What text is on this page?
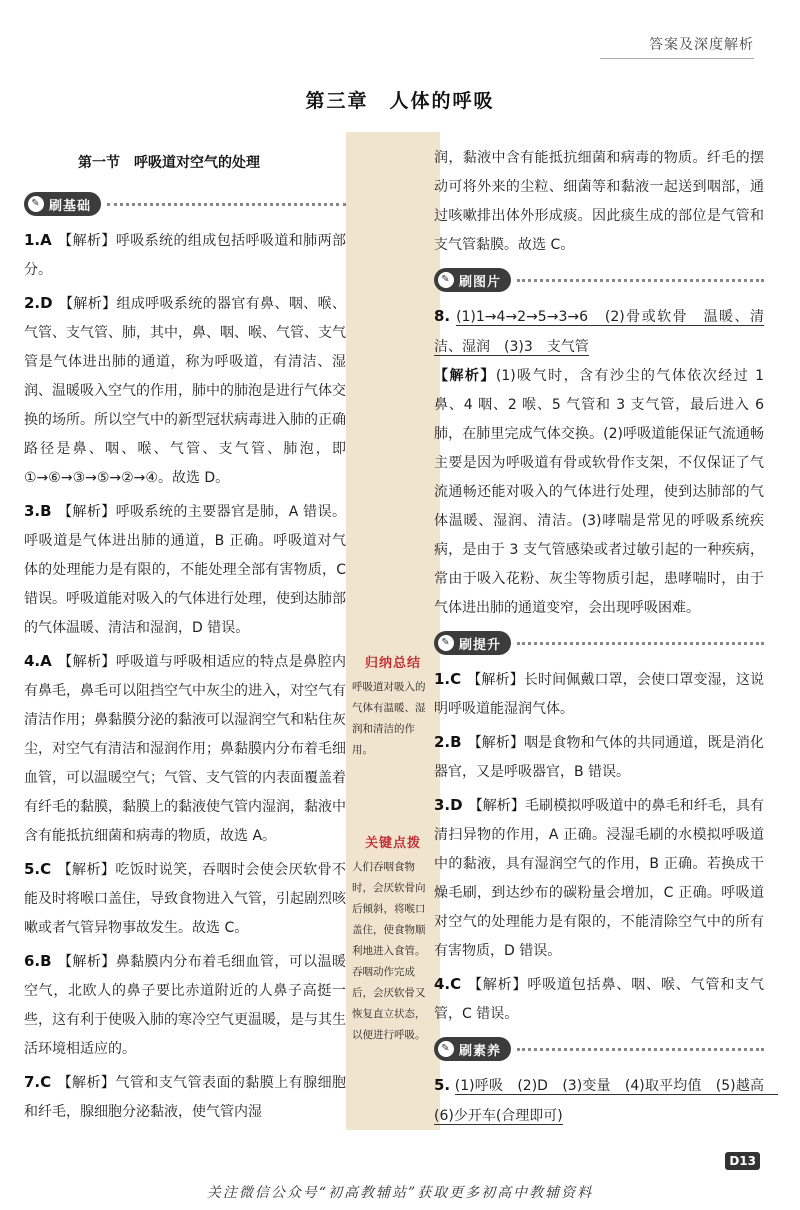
答案及深度解析
第三章　人体的呼吸
归纳总结
呼吸道对吸入的气体有温暖、湿润和清洁的作用。
关键点拨
人们吞咽食物时，会厌软骨向后倾斜，将喉口盖住，使食物顺利地进入食管。吞咽动作完成后，会厌软骨又恢复直立状态，以便进行呼吸。
第一节　呼吸道对空气的处理
✎ 刷基础
1.A 【解析】呼吸系统的组成包括呼吸道和肺两部分。
2.D 【解析】组成呼吸系统的器官有鼻、咽、喉、气管、支气管、肺，其中，鼻、咽、喉、气管、支气管是气体进出肺的通道，称为呼吸道，有清洁、湿润、温暖吸入空气的作用，肺中的肺泡是进行气体交换的场所。所以空气中的新型冠状病毒进入肺的正确路径是鼻、咽、喉、气管、支气管、肺泡，即①→⑥→③→⑤→②→④。故选 D。
3.B 【解析】呼吸系统的主要器官是肺，A 错误。呼吸道是气体进出肺的通道，B 正确。呼吸道对气体的处理能力是有限的，不能处理全部有害物质，C 错误。呼吸道能对吸入的气体进行处理，使到达肺部的气体温暖、清洁和湿润，D 错误。
4.A 【解析】呼吸道与呼吸相适应的特点是鼻腔内有鼻毛，鼻毛可以阻挡空气中灰尘的进入，对空气有清洁作用；鼻黏膜分泌的黏液可以湿润空气和粘住灰尘，对空气有清洁和湿润作用；鼻黏膜内分布着毛细血管，可以温暖空气；气管、支气管的内表面覆盖着有纤毛的黏膜，黏膜上的黏液使气管内湿润，黏液中含有能抵抗细菌和病毒的物质，故选 A。
5.C 【解析】吃饭时说笑，吞咽时会使会厌软骨不能及时将喉口盖住，导致食物进入气管，引起剧烈咳嗽或者气管异物事故发生。故选 C。
6.B 【解析】鼻黏膜内分布着毛细血管，可以温暖空气，北欧人的鼻子要比赤道附近的人鼻子高挺一些，这有利于使吸入肺的寒冷空气更温暖，是与其生活环境相适应的。
7.C 【解析】气管和支气管表面的黏膜上有腺细胞和纤毛，腺细胞分泌黏液，使气管内湿
润，黏液中含有能抵抗细菌和病毒的物质。纤毛的摆动可将外来的尘粒、细菌等和黏液一起送到咽部，通过咳嗽排出体外形成痰。因此痰生成的部位是气管和支气管黏膜。故选 C。
✎ 刷图片
8. (1)1→4→2→5→3→6　(2)骨或软骨　温暖、清洁、湿润　(3)3　支气管
【解析】(1)吸气时，含有沙尘的气体依次经过 1 鼻、4 咽、2 喉、5 气管和 3 支气管，最后进入 6 肺，在肺里完成气体交换。(2)呼吸道能保证气流通畅主要是因为呼吸道有骨或软骨作支架，不仅保证了气流通畅还能对吸入的气体进行处理，使到达肺部的气体温暖、湿润、清洁。(3)哮喘是常见的呼吸系统疾病，是由于 3 支气管感染或者过敏引起的一种疾病，常由于吸入花粉、灰尘等物质引起，患哮喘时，由于气体进出肺的通道变窄，会出现呼吸困难。
✎ 刷提升
1.C 【解析】长时间佩戴口罩，会使口罩变湿，这说明呼吸道能湿润气体。
2.B 【解析】咽是食物和气体的共同通道，既是消化器官，又是呼吸器官，B 错误。
3.D 【解析】毛刷模拟呼吸道中的鼻毛和纤毛，具有清扫异物的作用，A 正确。浸湿毛刷的水模拟呼吸道中的黏液，具有湿润空气的作用，B 正确。若换成干燥毛刷，到达纱布的碳粉量会增加，C 正确。呼吸道对空气的处理能力是有限的，不能清除空气中的所有有害物质，D 错误。
4.C 【解析】呼吸道包括鼻、咽、喉、气管和支气管，C 错误。
✎ 刷素养
5. (1)呼吸　(2)D　(3)变量　(4)取平均值　(5)越高　(6)少开车(合理即可)
D13
关注微信公众号“初高教辅站”获取更多初高中教辅资料
